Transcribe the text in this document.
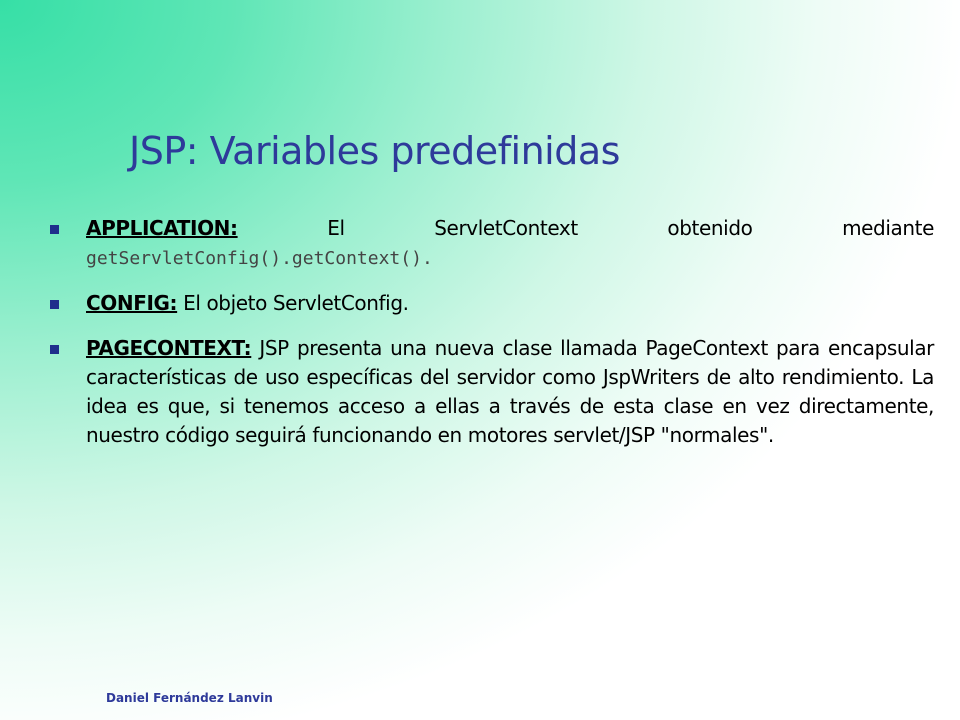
JSP: Variables predefinidas
APPLICATION: El ServletContext obtenido mediante getServletConfig().getContext().
CONFIG: El objeto ServletConfig.
PAGECONTEXT: JSP presenta una nueva clase llamada PageContext para encapsular características de uso específicas del servidor como JspWriters de alto rendimiento. La idea es que, si tenemos acceso a ellas a través de esta clase en vez directamente, nuestro código seguirá funcionando en motores servlet/JSP "normales".
Daniel Fernández Lanvin
